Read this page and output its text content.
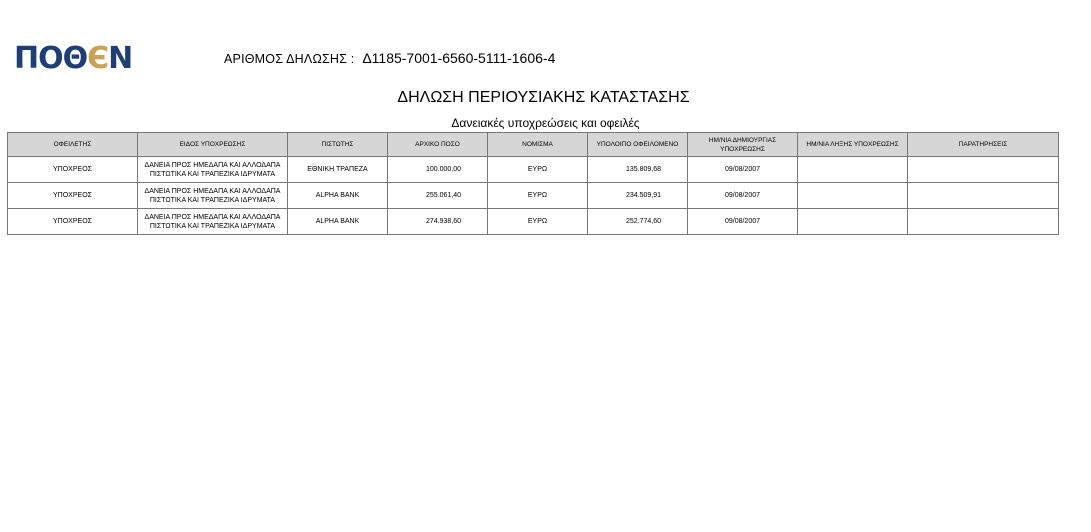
ΠΟΘЄΝ	ΑΡΙΘΜΟΣ ΔΗΛΩΣΗΣ : Δ1185-7001-6560-5111-1606-4
ΔΗΛΩΣΗ ΠΕΡΙΟΥΣΙΑΚΗΣ ΚΑΤΑΣΤΑΣΗΣ
Δανειακές υποχρεώσεις και οφειλές
ΟΦΕΙΛΕΤΗΣ	ΕΙΔΟΣ ΥΠΟΧΡΕΩΣΗΣ	ΠΙΣΤΩΤΗΣ	ΑΡΧΙΚΟ ΠΟΣΟ	ΝΟΜΙΣΜΑ	ΥΠΟΛΟΙΠΟ ΟΦΕΙΛΟΜΕΝΟ	ΗΜ/ΝΙΑ ΔΗΜΙΟΥΡΓΙΑΣ ΥΠΟΧΡΕΩΣΗΣ	ΗΜ/ΝΙΑ ΛΗΞΗΣ ΥΠΟΧΡΕΩΣΗΣ	ΠΑΡΑΤΗΡΗΣΕΙΣ
ΥΠΟΧΡΕΟΣ	ΔΑΝΕΙΑ ΠΡΟΣ ΗΜΕΔΑΠΑ ΚΑΙ ΑΛΛΟΔΑΠΑ ΠΙΣΤΩΤΙΚΑ ΚΑΙ ΤΡΑΠΕΖΙΚΑ ΙΔΡΥΜΑΤΑ	ΕΘΝΙΚΗ ΤΡΑΠΕΖΑ	100.000,00	ΕΥΡΩ	135.809,68	09/08/2007		
ΥΠΟΧΡΕΟΣ	ΔΑΝΕΙΑ ΠΡΟΣ ΗΜΕΔΑΠΑ ΚΑΙ ΑΛΛΟΔΑΠΑ ΠΙΣΤΩΤΙΚΑ ΚΑΙ ΤΡΑΠΕΖΙΚΑ ΙΔΡΥΜΑΤΑ	ALPHA BANK	255.061,40	ΕΥΡΩ	234.509,91	09/08/2007		
ΥΠΟΧΡΕΟΣ	ΔΑΝΕΙΑ ΠΡΟΣ ΗΜΕΔΑΠΑ ΚΑΙ ΑΛΛΟΔΑΠΑ ΠΙΣΤΩΤΙΚΑ ΚΑΙ ΤΡΑΠΕΖΙΚΑ ΙΔΡΥΜΑΤΑ	ALPHA BANK	274.938,60	ΕΥΡΩ	252.774,60	09/08/2007		
